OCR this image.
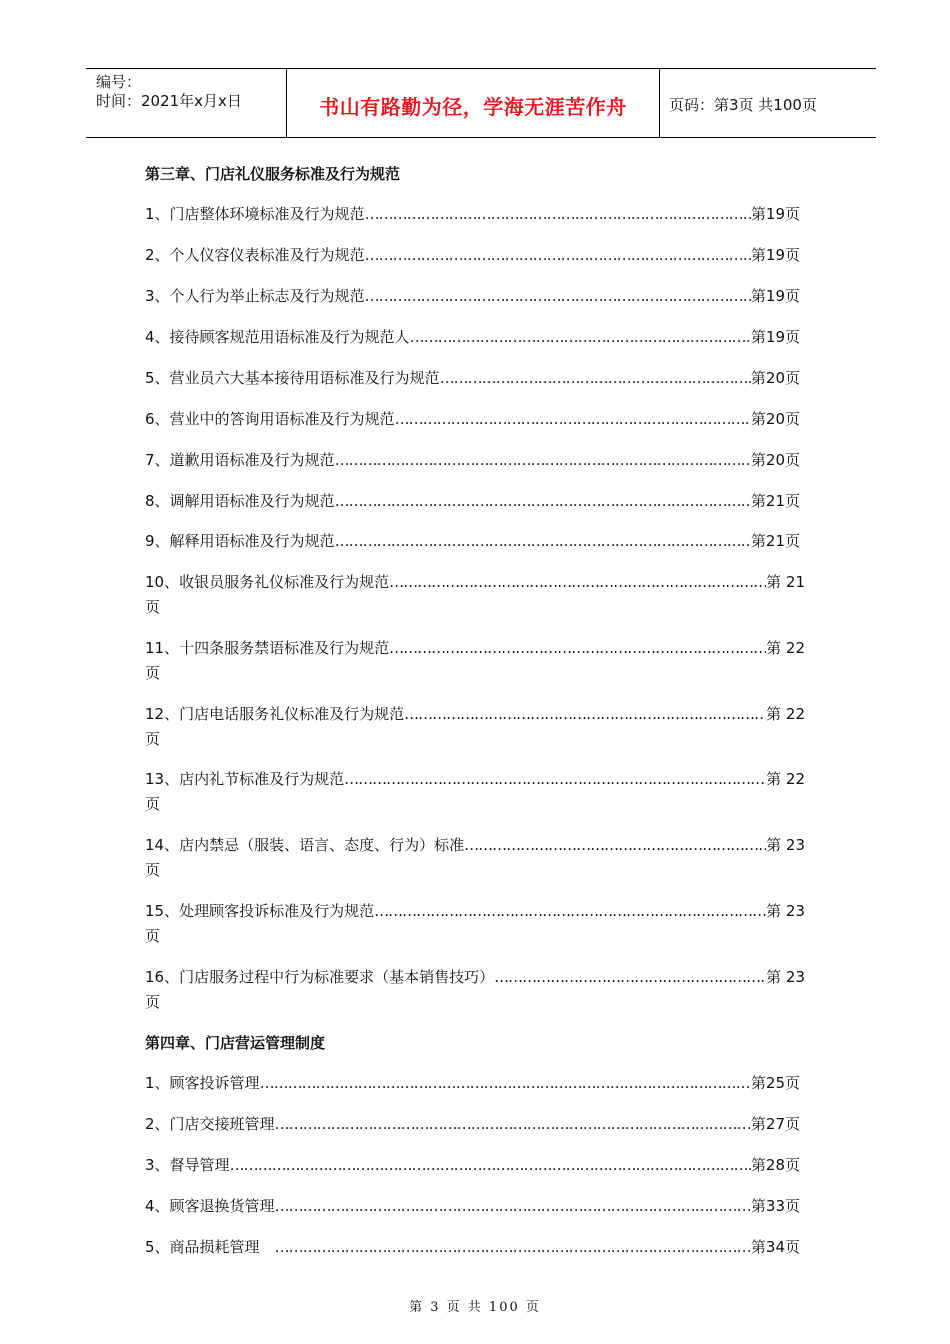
编号：
时间：2021年x月x日	书山有路勤为径，学海无涯苦作舟	页码：第3页 共100页
第三章、门店礼仪服务标准及行为规范
1、 门店整体环境标准及行为规范 …………………………………………………………………………………………………………………………………………………………	第19页
2、 个人仪容仪表标准及行为规范 …………………………………………………………………………………………………………………………………………………………	第19页
3、 个人行为举止标志及行为规范 …………………………………………………………………………………………………………………………………………………………	第19页
4、 接待顾客规范用语标准及行为规范人 …………………………………………………………………………………………………………………………………………………………	第19页
5、 营业员六大基本接待用语标准及行为规范 …………………………………………………………………………………………………………………………………………………………	第20页
6、 营业中的答询用语标准及行为规范 …………………………………………………………………………………………………………………………………………………………	第20页
7、 道歉用语标准及行为规范 …………………………………………………………………………………………………………………………………………………………	第20页
8、 调解用语标准及行为规范 …………………………………………………………………………………………………………………………………………………………	第21页
9、 解释用语标准及行为规范 …………………………………………………………………………………………………………………………………………………………	第21页
10、 收银员服务礼仪标准及行为规范 …………………………………………………………………………………………………………………………………………………………	第 21
页
11、 十四条服务禁语标准及行为规范 …………………………………………………………………………………………………………………………………………………………	第 22
页
12、 门店电话服务礼仪标准及行为规范 …………………………………………………………………………………………………………………………………………………………	第 22
页
13、 店内礼节标准及行为规范 …………………………………………………………………………………………………………………………………………………………	第 22
页
14、 店内禁忌（服装、语言、态度、行为）标准 …………………………………………………………………………………………………………………………………………………………	第 23
页
15、 处理顾客投诉标准及行为规范 …………………………………………………………………………………………………………………………………………………………	第 23
页
16、 门店服务过程中行为标准要求（基本销售技巧） …………………………………………………………………………………………………………………………………………………………	第 23
页
第四章、门店营运管理制度
1、 顾客投诉管理 …………………………………………………………………………………………………………………………………………………………	第25页
2、 门店交接班管理 …………………………………………………………………………………………………………………………………………………………	第27页
3、 督导管理 …………………………………………………………………………………………………………………………………………………………	第28页
4、 顾客退换货管理 …………………………………………………………………………………………………………………………………………………………	第33页
5、 商品损耗管理　 …………………………………………………………………………………………………………………………………………………………	第34页
第 3 页 共 100 页
